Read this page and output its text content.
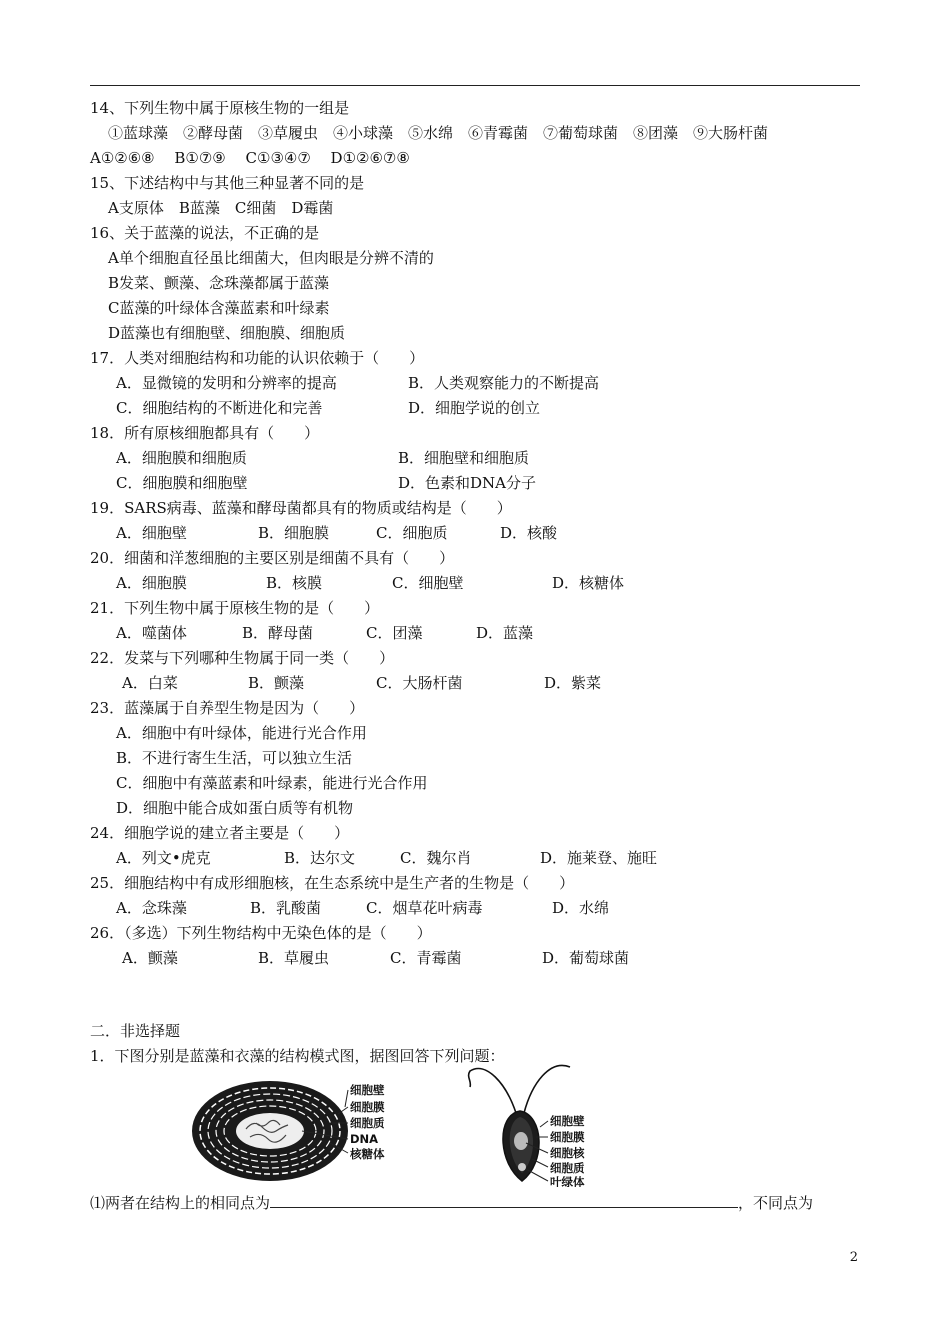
14、下列生物中属于原核生物的一组是
①蓝球藻　②酵母菌　③草履虫　④小球藻　⑤水绵　⑥青霉菌　⑦葡萄球菌　⑧团藻　⑨大肠杆菌
A①②⑥⑧　 B①⑦⑨　 C①③④⑦　 D①②⑥⑦⑧
15、下述结构中与其他三种显著不同的是
A支原体　B蓝藻　C细菌　D霉菌
16、关于蓝藻的说法，不正确的是
A单个细胞直径虽比细菌大，但肉眼是分辨不清的
B发菜、颤藻、念珠藻都属于蓝藻
C蓝藻的叶绿体含藻蓝素和叶绿素
D蓝藻也有细胞壁、细胞膜、细胞质
17．人类对细胞结构和功能的认识依赖于（　　）
A．显微镜的发明和分辨率的提高	B．人类观察能力的不断提高
C．细胞结构的不断进化和完善	D．细胞学说的创立
18．所有原核细胞都具有（　　）
A．细胞膜和细胞质	B．细胞壁和细胞质
C．细胞膜和细胞壁	D．色素和DNA分子
19．SARS病毒、蓝藻和酵母菌都具有的物质或结构是（　　）
A．细胞壁	B．细胞膜	C．细胞质	D．核酸
20．细菌和洋葱细胞的主要区别是细菌不具有（　　）
A．细胞膜	B．核膜	C．细胞壁	D．核糖体
21．下列生物中属于原核生物的是（　　）
A．噬菌体	B．酵母菌	C．团藻	D．蓝藻
22．发菜与下列哪种生物属于同一类（　　）
A．白菜	B．颤藻	C．大肠杆菌	D．紫菜
23．蓝藻属于自养型生物是因为（　　）
A．细胞中有叶绿体，能进行光合作用
B．不进行寄生生活，可以独立生活
C．细胞中有藻蓝素和叶绿素，能进行光合作用
D．细胞中能合成如蛋白质等有机物
24．细胞学说的建立者主要是（　　）
A．列文•虎克	B．达尔文	C．魏尔肖	D．施莱登、施旺
25．细胞结构中有成形细胞核，在生态系统中是生产者的生物是（　　）
A．念珠藻	B．乳酸菌	C．烟草花叶病毒	D．水绵
26．（多选）下列生物结构中无染色体的是（　　）
A．颤藻	B．草履虫	C．青霉菌	D．葡萄球菌
二．非选择题
1．下图分别是蓝藻和衣藻的结构模式图，据图回答下列问题：
细胞壁
细胞膜
细胞质
DNA
核糖体
细胞壁
细胞膜
细胞核
细胞质
叶绿体
⑴两者在结构上的相同点为	，不同点为
2
